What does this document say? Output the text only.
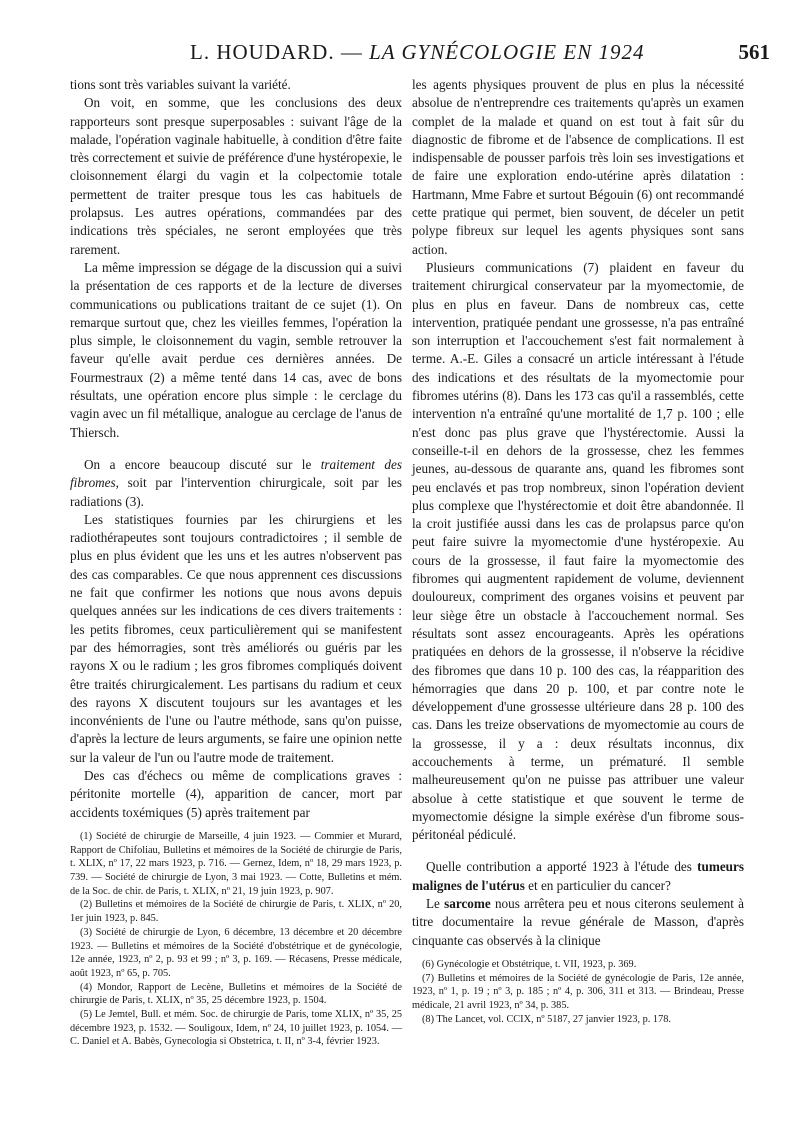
L. HOUDARD. — LA GYNÉCOLOGIE EN 1924	561

tions sont très variables suivant la variété.

On voit, en somme, que les conclusions des deux rapporteurs sont presque superposables : suivant l'âge de la malade, l'opération vaginale habituelle, à condition d'être faite très correctement et suivie de préférence d'une hystéropexie, le cloisonnement élargi du vagin et la colpectomie totale permettent de traiter presque tous les cas habituels de prolapsus. Les autres opérations, commandées par des indications très spéciales, ne seront employées que très rarement.

La même impression se dégage de la discussion qui a suivi la présentation de ces rapports et de la lecture de diverses communications ou publications traitant de ce sujet (1). On remarque surtout que, chez les vieilles femmes, l'opération la plus simple, le cloisonnement du vagin, semble retrouver la faveur qu'elle avait perdue ces dernières années. De Fourmestraux (2) a même tenté dans 14 cas, avec de bons résultats, une opération encore plus simple : le cerclage du vagin avec un fil métallique, analogue au cerclage de l'anus de Thiersch.

On a encore beaucoup discuté sur le traitement des fibromes, soit par l'intervention chirurgicale, soit par les radiations (3).

Les statistiques fournies par les chirurgiens et les radiothérapeutes sont toujours contradictoires ; il semble de plus en plus évident que les uns et les autres n'observent pas des cas comparables. Ce que nous apprennent ces discussions ne fait que confirmer les notions que nous avons depuis quelques années sur les indications de ces divers traitements : les petits fibromes, ceux particulièrement qui se manifestent par des hémorragies, sont très améliorés ou guéris par les rayons X ou le radium ; les gros fibromes compliqués doivent être traités chirurgicalement. Les partisans du radium et ceux des rayons X discutent toujours sur les avantages et les inconvénients de l'une ou l'autre méthode, sans qu'on puisse, d'après la lecture de leurs arguments, se faire une opinion nette sur la valeur de l'un ou l'autre mode de traitement.

Des cas d'échecs ou même de complications graves : péritonite mortelle (4), apparition de cancer, mort par accidents toxémiques (5) après traitement par

(1) Société de chirurgie de Marseille, 4 juin 1923. — Commier et Murard, Rapport de Chifoliau, Bulletins et mémoires de la Société de chirurgie de Paris, t. XLIX, nº 17, 22 mars 1923, p. 716. — Gernez, Idem, nº 18, 29 mars 1923, p. 739. — Société de chirurgie de Lyon, 3 mai 1923. — Cotte, Bulletins et mém. de la Soc. de chir. de Paris, t. XLIX, nº 21, 19 juin 1923, p. 907.

(2) Bulletins et mémoires de la Société de chirurgie de Paris, t. XLIX, nº 20, 1er juin 1923, p. 845.

(3) Société de chirurgie de Lyon, 6 décembre, 13 décembre et 20 décembre 1923. — Bulletins et mémoires de la Société d'obstétrique et de gynécologie, 12e année, 1923, nº 2, p. 93 et 99 ; nº 3, p. 169. — Récasens, Presse médicale, août 1923, nº 65, p. 705.

(4) Mondor, Rapport de Lecène, Bulletins et mémoires de la Société de chirurgie de Paris, t. XLIX, nº 35, 25 décembre 1923, p. 1504.

(5) Le Jemtel, Bull. et mém. Soc. de chirurgie de Paris, tome XLIX, nº 35, 25 décembre 1923, p. 1532. — Souligoux, Idem, nº 24, 10 juillet 1923, p. 1054. — C. Daniel et A. Babès, Gynecologia si Obstetrica, t. II, nº 3-4, février 1923.

les agents physiques prouvent de plus en plus la nécessité absolue de n'entreprendre ces traitements qu'après un examen complet de la malade et quand on est tout à fait sûr du diagnostic de fibrome et de l'absence de complications. Il est indispensable de pousser parfois très loin ses investigations et de faire une exploration endo-utérine après dilatation : Hartmann, Mme Fabre et surtout Bégouin (6) ont recommandé cette pratique qui permet, bien souvent, de déceler un petit polype fibreux sur lequel les agents physiques sont sans action.

Plusieurs communications (7) plaident en faveur du traitement chirurgical conservateur par la myomectomie, de plus en plus en faveur. Dans de nombreux cas, cette intervention, pratiquée pendant une grossesse, n'a pas entraîné son interruption et l'accouchement s'est fait normalement à terme. A.-E. Giles a consacré un article intéressant à l'étude des indications et des résultats de la myomectomie pour fibromes utérins (8). Dans les 173 cas qu'il a rassemblés, cette intervention n'a entraîné qu'une mortalité de 1,7 p. 100 ; elle n'est donc pas plus grave que l'hystérectomie. Aussi la conseille-t-il en dehors de la grossesse, chez les femmes jeunes, au-dessous de quarante ans, quand les fibromes sont peu enclavés et pas trop nombreux, sinon l'opération devient plus complexe que l'hystérectomie et doit être abandonnée. Il la croit justifiée aussi dans les cas de prolapsus parce qu'on peut faire suivre la myomectomie d'une hystéropexie. Au cours de la grossesse, il faut faire la myomectomie des fibromes qui augmentent rapidement de volume, deviennent douloureux, compriment des organes voisins et peuvent par leur siège être un obstacle à l'accouchement normal. Ses résultats sont assez encourageants. Après les opérations pratiquées en dehors de la grossesse, il n'observe la récidive des fibromes que dans 10 p. 100 des cas, la réapparition des hémorragies que dans 20 p. 100, et par contre note le développement d'une grossesse ultérieure dans 28 p. 100 des cas. Dans les treize observations de myomectomie au cours de la grossesse, il y a : deux résultats inconnus, dix accouchements à terme, un prématuré. Il semble malheureusement qu'on ne puisse pas attribuer une valeur absolue à cette statistique et que souvent le terme de myomectomie désigne la simple exérèse d'un fibrome sous-péritonéal pédiculé.

Quelle contribution a apporté 1923 à l'étude des tumeurs malignes de l'utérus et en particulier du cancer?

Le sarcome nous arrêtera peu et nous citerons seulement à titre documentaire la revue générale de Masson, d'après cinquante cas observés à la clinique

(6) Gynécologie et Obstétrique, t. VII, 1923, p. 369.

(7) Bulletins et mémoires de la Société de gynécologie de Paris, 12e année, 1923, nº 1, p. 19 ; nº 3, p. 185 ; nº 4, p. 306, 311 et 313. — Brindeau, Presse médicale, 21 avril 1923, nº 34, p. 385.

(8) The Lancet, vol. CCIX, nº 5187, 27 janvier 1923, p. 178.
